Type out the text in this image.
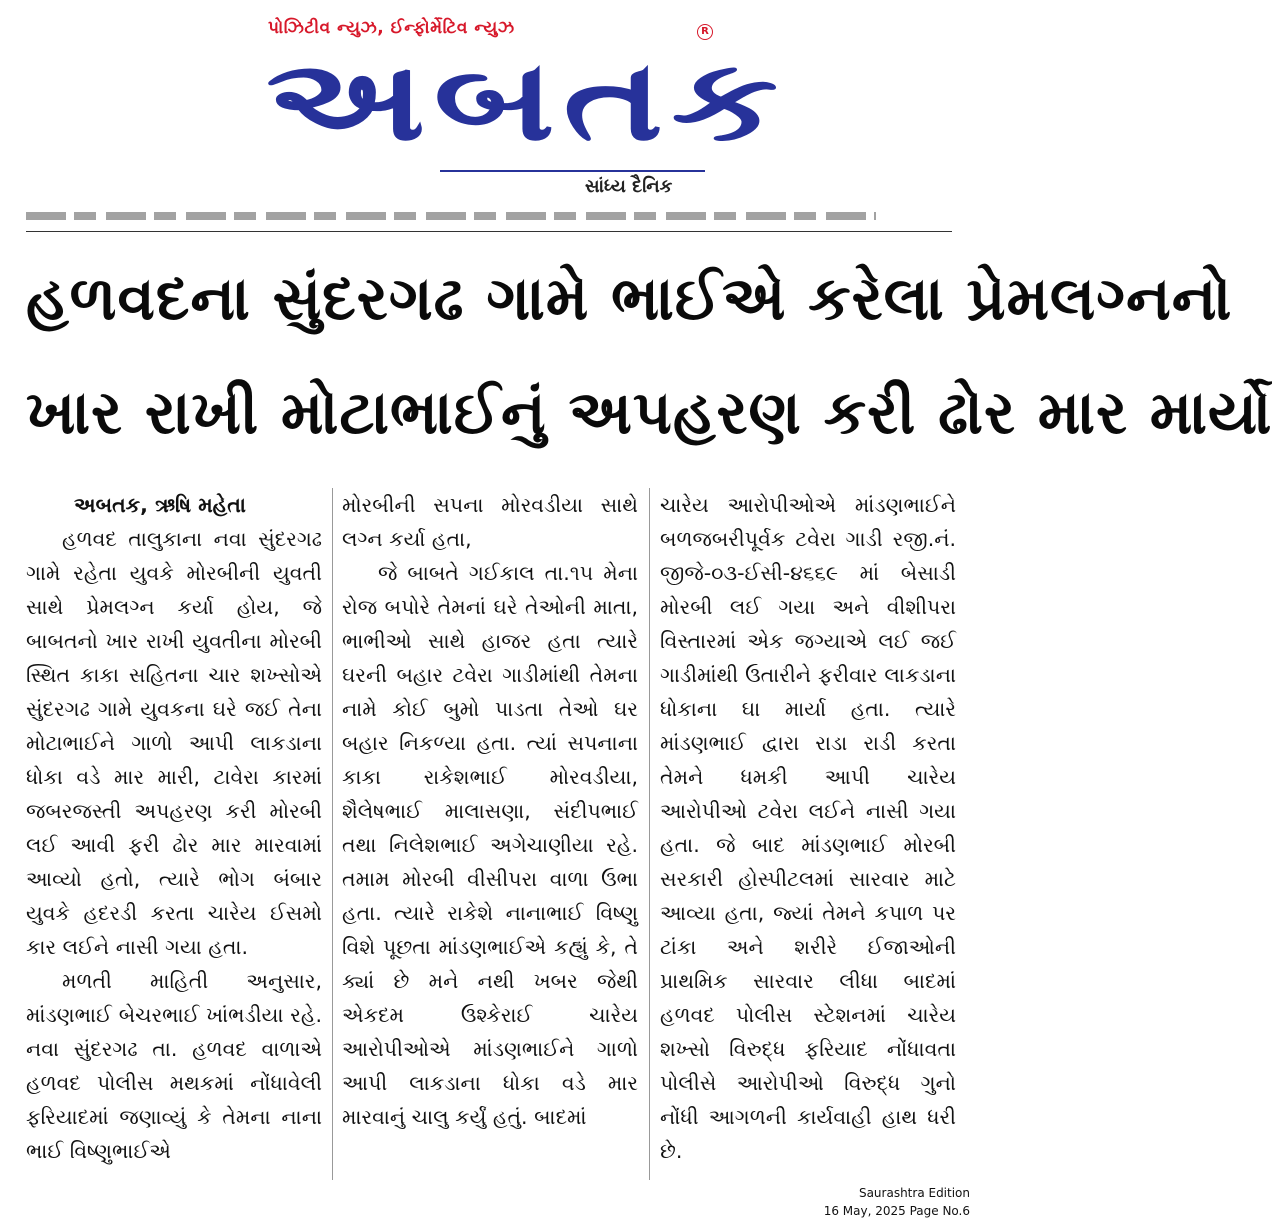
પોઝિટીવ ન્યુઝ, ઈન્ફોર્મેટિવ ન્યુઝ	R
અબતક
સાંધ્ય દૈનિક
હળવદના સુંદરગઢ ગામે ભાઈએ કરેલા પ્રેમલગ્નનો
ખાર રાખી મોટાભાઈનું અપહરણ કરી ઢોર માર માર્યો

અબતક, ઋષિ મહેતા

હળવદ તાલુકાના નવા સુંદરગઢ ગામે રહેતા યુવકે મોરબીની યુવતી સાથે પ્રેમલગ્ન કર્યા હોય, જે બાબતનો ખાર રાખી યુવતીના મોરબી સ્થિત કાકા સહિતના ચાર શખ્સોએ સુંદરગઢ ગામે યુવકના ઘરે જઈ તેના મોટાભાઈને ગાળો આપી લાકડાના ધોકા વડે માર મારી, ટાવેરા કારમાં જબરજસ્તી અપહરણ કરી મોરબી લઈ આવી ફરી ઢોર માર મારવામાં આવ્યો હતો, ત્યારે ભોગ બંબાર યુવકે હદરડી કરતા ચારેય ઈસમો કાર લઈને નાસી ગયા હતા.

મળતી માહિતી અનુસાર, માંડણભાઈ બેચરભાઈ ખાંભડીયા રહે. નવા સુંદરગઢ તા. હળવદ વાળાએ હળવદ પોલીસ મથકમાં નોંધાવેલી ફરિયાદમાં જણાવ્યું કે તેમના નાના ભાઈ વિષ્ણુભાઈએ

મોરબીની સપના મોરવડીયા સાથે લગ્ન કર્યા હતા,

જે બાબતે ગઈકાલ તા.૧૫ મેના રોજ બપોરે તેમનાં ઘરે તેઓની માતા, ભાભીઓ સાથે હાજર હતા ત્યારે ઘરની બહાર ટવેરા ગાડીમાંથી તેમના નામે કોઈ બુમો પાડતા તેઓ ઘર બહાર નિકળ્યા હતા. ત્યાં સપનાના કાકા રાકેશભાઈ મોરવડીયા, શૈલેષભાઈ માલાસણા, સંદીપભાઈ તથા નિલેશભાઈ અગેચાણીયા રહે. તમામ મોરબી વીસીપરા વાળા ઉભા હતા. ત્યારે રાકેશે નાનાભાઈ વિષ્ણુ વિશે પૂછતા માંડણભાઈએ કહ્યું કે, તે ક્યાં છે મને નથી ખબર જેથી એકદમ ઉશ્કેરાઈ ચારેય આરોપીઓએ માંડણભાઈને ગાળો આપી લાકડાના ધોકા વડે માર મારવાનું ચાલુ કર્યું હતું. બાદમાં

ચારેય આરોપીઓએ માંડણભાઈને બળજબરીપૂર્વક ટવેરા ગાડી રજી.નં. જીજે-૦૩-ઈસી-૪૬૬૯ માં બેસાડી મોરબી લઈ ગયા અને વીશીપરા વિસ્તારમાં એક જગ્યાએ લઈ જઈ ગાડીમાંથી ઉતારીને ફરીવાર લાકડાના ધોકાના ઘા માર્યા હતા. ત્યારે માંડણભાઈ દ્વારા રાડા રાડી કરતા તેમને ધમકી આપી ચારેય આરોપીઓ ટવેરા લઈને નાસી ગયા હતા. જે બાદ માંડણભાઈ મોરબી સરકારી હોસ્પીટલમાં સારવાર માટે આવ્યા હતા, જ્યાં તેમને કપાળ પર ટાંકા અને શરીરે ઈજાઓની પ્રાથમિક સારવાર લીધા બાદમાં હળવદ પોલીસ સ્ટેશનમાં ચારેય શખ્સો વિરુદ્ધ ફરિયાદ નોંધાવતા પોલીસે આરોપીઓ વિરુદ્ધ ગુનો નોંધી આગળની કાર્યવાહી હાથ ધરી છે.

Saurashtra Edition
16 May, 2025 Page No.6
